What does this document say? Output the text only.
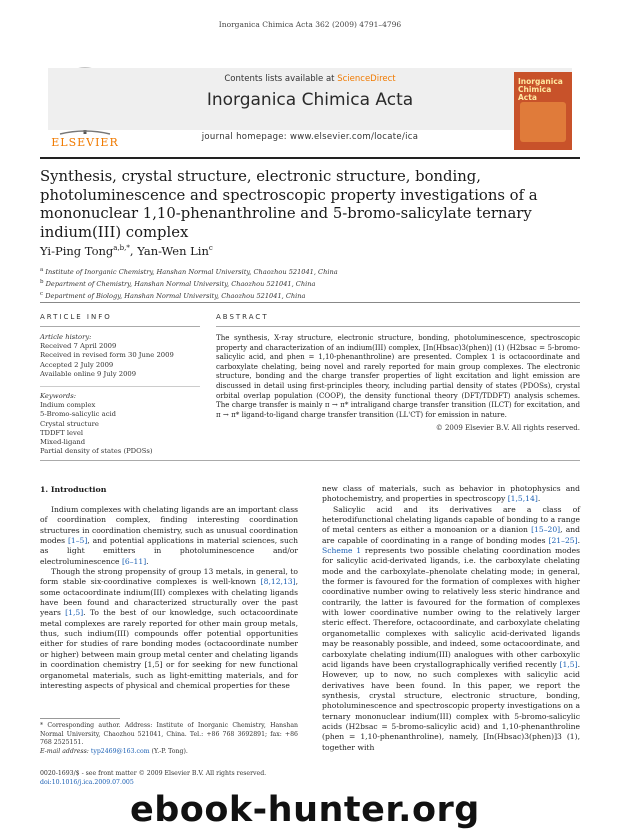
Inorganica Chimica Acta 362 (2009) 4791–4796
ELSEVIER
Contents lists available at ScienceDirect
Inorganica Chimica Acta
journal homepage: www.elsevier.com/locate/ica
Inorganica Chimica Acta
Synthesis, crystal structure, electronic structure, bonding, photoluminescence and spectroscopic property investigations of a mononuclear 1,10-phenanthroline and 5-bromo-salicylate ternary indium(III) complex
Yi-Ping Tong$^{a,b,*}$, Yan-Wen Lin$^c$
$^a$ Institute of Inorganic Chemistry, Hanshan Normal University, Chaozhou 521041, China
$^b$ Department of Chemistry, Hanshan Normal University, Chaozhou 521041, China
$^c$ Department of Biology, Hanshan Normal University, Chaozhou 521041, China
ARTICLE INFO
Article history:
Received 7 April 2009
Received in revised form 30 June 2009
Accepted 2 July 2009
Available online 9 July 2009
Keywords:
Indium complex
5-Bromo-salicylic acid
Crystal structure
TDDFT level
Mixed-ligand
Partial density of states (PDOSs)
ABSTRACT
The synthesis, X-ray structure, electronic structure, bonding, photoluminescence, spectroscopic property and characterization of an indium(III) complex, [In(Hbsac)3(phen)] (1) (H2bsac = 5-bromo-salicylic acid, and phen = 1,10-phenanthroline) are presented. Complex 1 is octacoordinate and carboxylate chelating, being novel and rarely reported for main group complexes. The electronic structure, bonding and the charge transfer properties of light excitation and light emission are discussed in detail using first-principles theory, including partial density of states (PDOSs), crystal orbital overlap population (COOP), the density functional theory (DFT/TDDFT) analysis schemes. The charge transfer is mainly π → π* intraligand charge transfer transition (ILCT) for excitation, and π → π* ligand-to-ligand charge transfer transition (LL'CT) for emission in nature.
© 2009 Elsevier B.V. All rights reserved.
1. Introduction

Indium complexes with chelating ligands are an important class of coordination complex, finding interesting coordination structures in coordination chemistry, such as unusual coordination modes [1–5], and potential applications in material sciences, such as light emitters in photoluminescence and/or electroluminescence [6–11].

Though the strong propensity of group 13 metals, in general, to form stable six-coordinative complexes is well-known [8,12,13], some octacoordinate indium(III) complexes with chelating ligands have been found and characterized structurally over the past years [1,5]. To the best of our knowledge, such octacoordinate metal complexes are rarely reported for other main group metals, thus, such indium(III) compounds offer potential opportunities either for studies of rare bonding modes (octacoordinate number or higher) between main group metal center and chelating ligands in coordination chemistry [1,5] or for seeking for new functional organometal materials, such as light-emitting materials, and for interesting aspects of physical and chemical properties for these

new class of materials, such as behavior in photophysics and photochemistry, and properties in spectroscopy [1,5,14].

Salicylic acid and its derivatives are a class of heterodifunctional chelating ligands capable of bonding to a range of metal centers as either a monoanion or a dianion [15–20], and are capable of coordinating in a range of bonding modes [21–25]. Scheme 1 represents two possible chelating coordination modes for salicylic acid-derivated ligands, i.e. the carboxylate chelating mode and the carboxylate–phenolate chelating mode; in general, the former is favoured for the formation of complexes with higher coordinative number owing to relatively less steric hindrance and contrarily, the latter is favoured for the formation of complexes with lower coordinative number owing to the relatively larger steric effect. Therefore, octacoordinate, and carboxylate chelating organometallic complexes with salicylic acid-derivated ligands may be reasonably possible, and indeed, some octacoordinate, and carboxylate chelating indium(III) analogues with other carboxylic acid ligands have been crystallographically verified recently [1,5]. However, up to now, no such complexes with salicylic acid derivatives have been found. In this paper, we report the synthesis, crystal structure, electronic structure, bonding, photoluminescence and spectroscopic property investigations on a ternary mononuclear indium(III) complex with 5-bromo-salicylic acids (H2bsac = 5-bromo-salicylic acid) and 1,10-phenanthroline (phen = 1,10-phenanthroline), namely, [In(Hbsac)3(phen)]3 (1), together with

* Corresponding author. Address: Institute of Inorganic Chemistry, Hanshan Normal University, Chaozhou 521041, China. Tel.: +86 768 3692891; fax: +86 768 2525151.
E-mail address: typ2469@163.com (Y.-P. Tong).
0020-1693/$ - see front matter © 2009 Elsevier B.V. All rights reserved.
doi:10.1016/j.ica.2009.07.005
ebook-hunter.org
